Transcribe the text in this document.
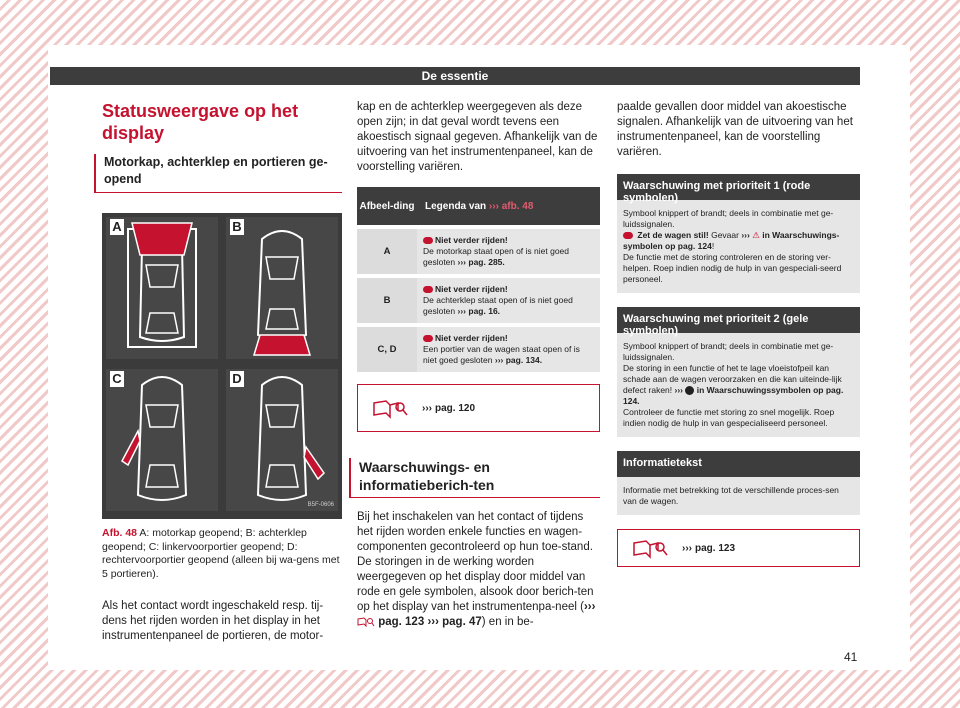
De essentie
Statusweergave op het display
Motorkap, achterklep en portieren ge-opend
A	B
C	D
B5F-0606
Afb. 48 A: motorkap geopend; B: achterklep geopend; C: linkervoorportier geopend; D: rechtervoorportier geopend (alleen bij wa-gens met 5 portieren).
Als het contact wordt ingeschakeld resp. tij-dens het rijden worden in het display in het instrumentenpaneel de portieren, de motor-
kap en de achterklep weergegeven als deze open zijn; in dat geval wordt tevens een akoestisch signaal gegeven. Afhankelijk van de uitvoering van het instrumentenpaneel, kan de voorstelling variëren.
Afbeel-ding	Legenda van ››› afb. 48
A	Niet verder rijden!
De motorkap staat open of is niet goed gesloten ››› pag. 285.
B	Niet verder rijden!
De achterklep staat open of is niet goed gesloten ››› pag. 16.
C, D	Niet verder rijden!
Een portier van de wagen staat open of is niet goed gesloten ››› pag. 134.
››› pag. 120
Waarschuwings- en informatieberich-ten
Bij het inschakelen van het contact of tijdens het rijden worden enkele functies en wagen-componenten gecontroleerd op hun toe-stand. De storingen in de werking worden weergegeven op het display door middel van rode en gele symbolen, alsook door berich-ten op het display van het instrumentenpa-neel (›››  pag. 123 ››› pag. 47) en in be-
paalde gevallen door middel van akoestische signalen. Afhankelijk van de uitvoering van het instrumentenpaneel, kan de voorstelling variëren.
Waarschuwing met prioriteit 1 (rode symbolen)
Symbool knippert of brandt; deels in combinatie met ge-luidssignalen.
Zet de wagen stil! Gevaar ››› ⚠ in Waarschuwings-symbolen op pag. 124!
De functie met de storing controleren en de storing ver-helpen. Roep indien nodig de hulp in van gespeciali-seerd personeel.
Waarschuwing met prioriteit 2 (gele symbolen)
Symbool knippert of brandt; deels in combinatie met ge-luidssignalen.
De storing in een functie of het te lage vloeistofpeil kan schade aan de wagen veroorzaken en die kan uiteinde-lijk defect raken! ››› in Waarschuwingssymbolen op pag. 124.
Controleer de functie met storing zo snel mogelijk. Roep indien nodig de hulp in van gespecialiseerd personeel.
Informatietekst
Informatie met betrekking tot de verschillende proces-sen van de wagen.
››› pag. 123
41
